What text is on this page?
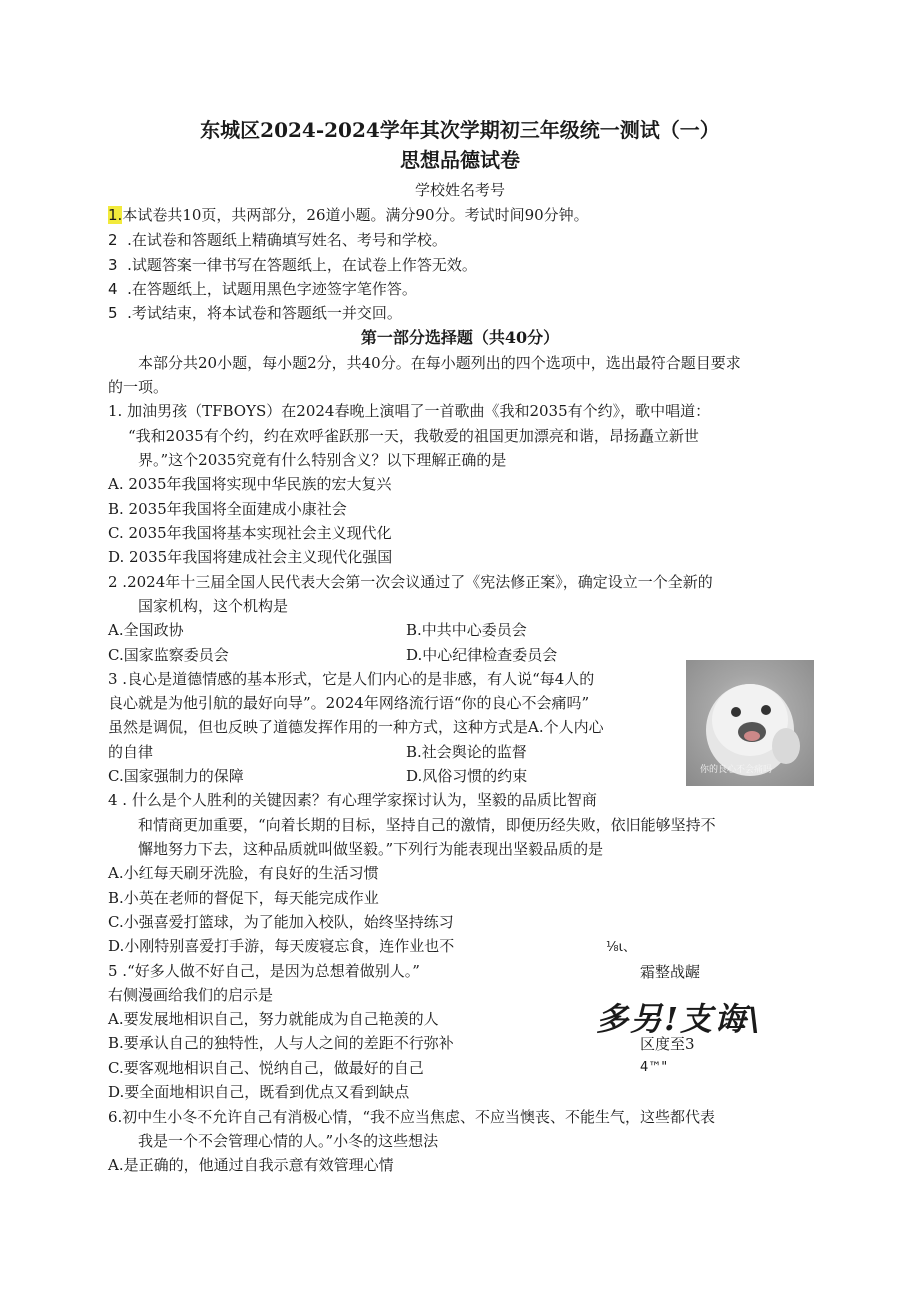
东城区2024-2024学年其次学期初三年级统一测试（一）
思想品德试卷
学校姓名考号
1.本试卷共10页，共两部分，26道小题。满分90分。考试时间90分钟。
2 .在试卷和答题纸上精确填写姓名、考号和学校。
3 .试题答案一律书写在答题纸上，在试卷上作答无效。
4 .在答题纸上，试题用黑色字迹签字笔作答。
5 .考试结束，将本试卷和答题纸一并交回。
第一部分选择题（共40分）
本部分共20小题，每小题2分，共40分。在每小题列出的四个选项中，选出最符合题目要求
的一项。
1. 加油男孩（TFBOYS）在2024春晚上演唱了一首歌曲《我和2035有个约》，歌中唱道：
“我和2035有个约，约在欢呼雀跃那一天，我敬爱的祖国更加漂亮和谐，昂扬矗立新世
界。”这个2035究竟有什么特别含义？以下理解正确的是
A. 2035年我国将实现中华民族的宏大复兴
B. 2035年我国将全面建成小康社会
C. 2035年我国将基本实现社会主义现代化
D. 2035年我国将建成社会主义现代化强国
2 .2024年十三届全国人民代表大会第一次会议通过了《宪法修正案》，确定设立一个全新的
国家机构，这个机构是
A.全国政协	B.中共中心委员会
C.国家监察委员会	D.中心纪律检查委员会
3 .良心是道德情感的基本形式，它是人们内心的是非感，有人说“每4人的
良心就是为他引航的最好向导”。2024年网络流行语“你的良心不会痛吗”
虽然是调侃，但也反映了道德发挥作用的一种方式，这种方式是A.个人内心
的自律	B.社会舆论的监督
C.国家强制力的保障	D.风俗习惯的约束	你的良心不会痛吗
4 . 什么是个人胜利的关键因素？有心理学家探讨认为，坚毅的品质比智商
和情商更加重要，“向着长期的目标，坚持自己的激情，即便历经失败，依旧能够坚持不
懈地努力下去，这种品质就叫做坚毅。”下列行为能表现出坚毅品质的是
A.小红每天刷牙洗脸，有良好的生活习惯
B.小英在老师的督促下，每天能完成作业
C.小强喜爱打篮球，为了能加入校队，始终坚持练习
D.小刚特别喜爱打手游，每天废寝忘食，连作业也不	⅛ι、
霜整战龌
多另!支诲\
区度至3
4™"
5 .“好多人做不好自己，是因为总想着做别人。”
右侧漫画给我们的启示是
A.要发展地相识自己，努力就能成为自己艳羡的人
B.要承认自己的独特性，人与人之间的差距不行弥补
C.要客观地相识自己、悦纳自己，做最好的自己
D.要全面地相识自己，既看到优点又看到缺点
6.初中生小冬不允许自己有消极心情，“我不应当焦虑、不应当懊丧、不能生气，这些都代表
我是一个不会管理心情的人。”小冬的这些想法
A.是正确的，他通过自我示意有效管理心情
